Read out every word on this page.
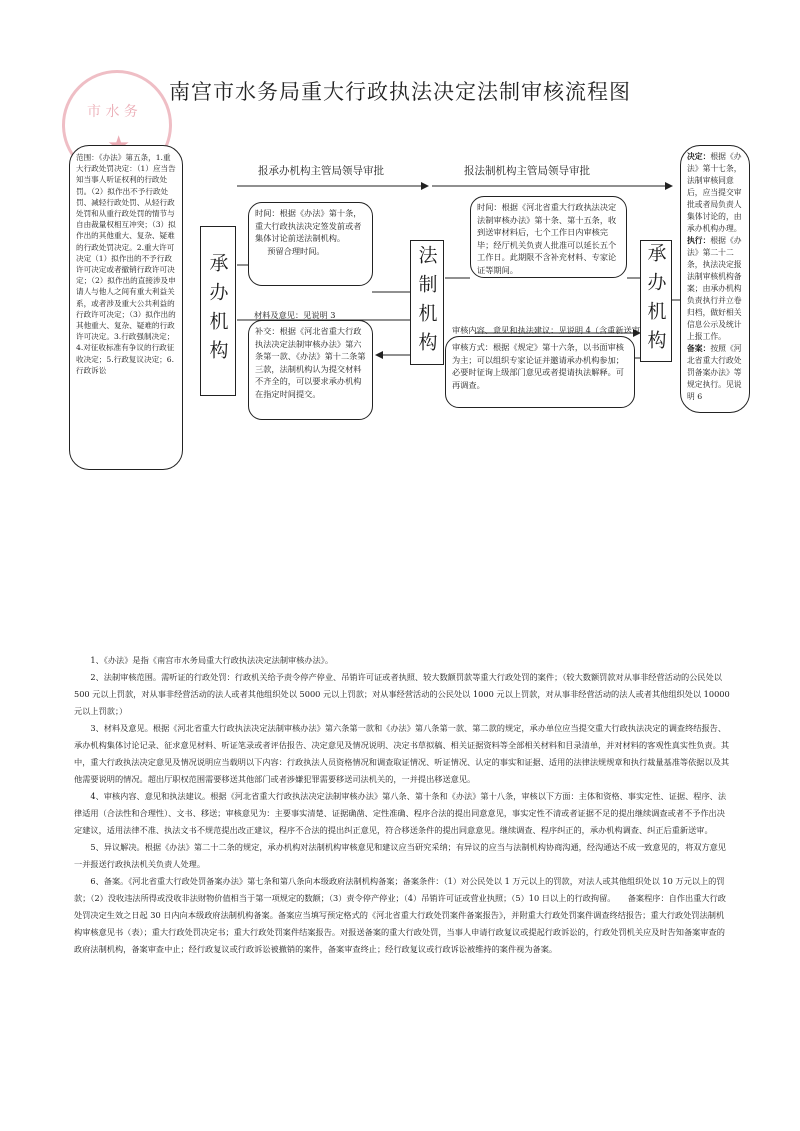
市 水 务
南宫市水务局重大行政执法决定法制审核流程图
范围：《办法》第五条，1.重大行政处罚决定：（1）应当告知当事人听证权利的行政处罚。（2）拟作出不予行政处罚、减轻行政处罚、从轻行政处罚和从重行政处罚的情节与自由裁量权相互冲突；（3）拟作出的其他重大、复杂、疑难的行政处罚决定。2.重大许可决定（1）拟作出的不予行政许可决定或者撤销行政许可决定；（2）拟作出的直接涉及申请人与他人之间有重大利益关系，或者涉及重大公共利益的行政许可决定；（3）拟作出的其他重大、复杂、疑难的行政许可决定。3.行政强制决定；4.对征收标准有争议的行政征收决定；5.行政复议决定；6.行政诉讼
报承办机构主管局领导审批	报法制机构主管局领导审批
承办机构
时间：根据《办法》第十条，重大行政执法决定签发前或者集体讨论前送法制机构。
预留合理时间。
材料及意见：见说明 3
补交：根据《河北省重大行政执法决定法制审核办法》第六条第一款、《办法》第十二条第三款，法制机构认为提交材料不齐全的，可以要求承办机构在指定时间提交。
法制机构
时间：根据《河北省重大行政执法决定法制审核办法》第十条、第十五条，收到送审材料后，七个工作日内审核完毕；经厅机关负责人批准可以延长五个工作日。此期限不含补充材料、专家论证等期间。
审核内容、意见和执法建议：见说明 4（含重新送审
审核方式：根据《规定》第十六条，以书面审核为主；可以组织专家论证并邀请承办机构参加；必要时征询上级部门意见或者提请执法解释。可再调查。
承办机构
决定：根据《办法》第十七条，法制审核同意后，应当提交审批或者局负责人集体讨论的，由承办机构办理。
执行：根据《办法》第二十二条，执法决定报法制审核机构备案；由承办机构负责执行并立卷归档，做好相关信息公示及统计上报工作。
备案：按照《河北省重大行政处罚备案办法》等规定执行。见说明 6

1、《办法》是指《南宫市水务局重大行政执法决定法制审核办法》。

2、法制审核范围。需听证的行政处罚：行政机关给予责令停产停业、吊销许可证或者执照、较大数额罚款等重大行政处罚的案件；（较大数额罚款对从事非经营活动的公民处以 500 元以上罚款，对从事非经营活动的法人或者其他组织处以 5000 元以上罚款；对从事经营活动的公民处以 1000 元以上罚款，对从事非经营活动的法人或者其他组织处以 10000 元以上罚款；）

3、材料及意见。根据《河北省重大行政执法决定法制审核办法》第六条第一款和《办法》第八条第一款、第二款的规定，承办单位应当提交重大行政执法决定的调查终结报告、承办机构集体讨论记录、征求意见材料、听证笔录或者评估报告、决定意见及情况说明、决定书草拟稿、相关证据资料等全部相关材料和目录清单，并对材料的客观性真实性负责。其中，重大行政执法决定意见及情况说明应当载明以下内容：行政执法人员资格情况和调查取证情况、听证情况、认定的事实和证据、适用的法律法规规章和执行裁量基准等依据以及其他需要说明的情况。超出厅职权范围需要移送其他部门或者涉嫌犯罪需要移送司法机关的，一并提出移送意见。

4、审核内容、意见和执法建议。根据《河北省重大行政执法决定法制审核办法》第八条、第十条和《办法》第十八条，审核以下方面：主体和资格、事实定性、证据、程序、法律适用（合法性和合理性）、文书、移送；审核意见为：主要事实清楚、证据确凿、定性准确、程序合法的提出同意意见，事实定性不清或者证据不足的提出继续调查或者不予作出决定建议，适用法律不准、执法文书不规范提出改正建议，程序不合法的提出纠正意见，符合移送条件的提出同意意见。继续调查、程序纠正的，承办机构调查、纠正后重新送审。

5、异议解决。根据《办法》第二十二条的规定，承办机构对法制机构审核意见和建议应当研究采纳；有异议的应当与法制机构协商沟通，经沟通达不成一致意见的，将双方意见一并报送行政执法机关负责人处理。

6、备案。《河北省重大行政处罚备案办法》第七条和第八条向本级政府法制机构备案；备案条件：（1）对公民处以 1 万元以上的罚款，对法人或其他组织处以 10 万元以上的罚款；（2）没收违法所得或没收非法财物价值相当于第一项规定的数额；（3）责令停产停业；（4）吊销许可证或营业执照；（5）10 日以上的行政拘留。　　备案程序：自作出重大行政处罚决定生效之日起 30 日内向本级政府法制机构备案。备案应当填写预定格式的《河北省重大行政处罚案件备案报告》，并附重大行政处罚案件调查终结报告；重大行政处罚法制机构审核意见书（表）；重大行政处罚决定书；重大行政处罚案件结案报告。对报送备案的重大行政处罚，当事人申请行政复议或提起行政诉讼的，行政处罚机关应及时告知备案审查的政府法制机构，备案审查中止；经行政复议或行政诉讼被撤销的案件，备案审查终止；经行政复议或行政诉讼被维持的案件视为备案。
